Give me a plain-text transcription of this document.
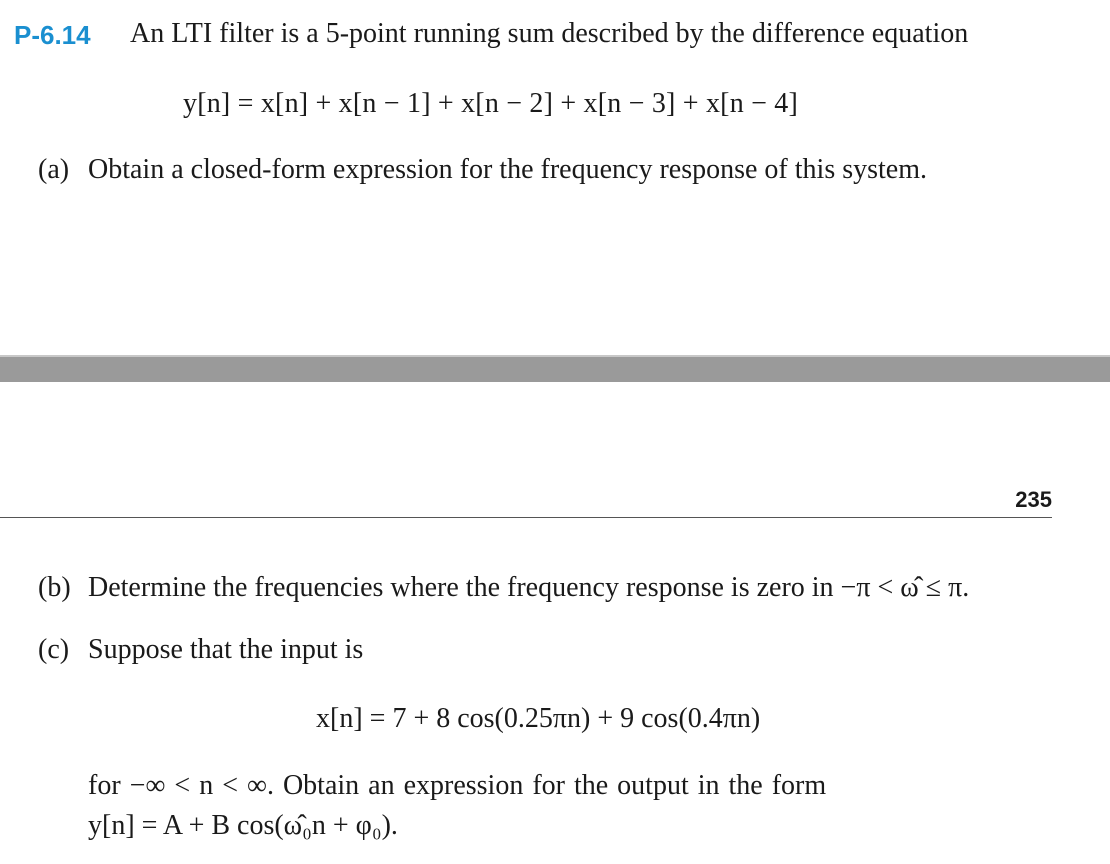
P-6.14 An LTI filter is a 5-point running sum described by the difference equation
y[n] = x[n] + x[n − 1] + x[n − 2] + x[n − 3] + x[n − 4]
(a) Obtain a closed-form expression for the frequency response of this system.
235
(b) Determine the frequencies where the frequency response is zero in −π < ω̂ ≤ π.
(c) Suppose that the input is
x[n] = 7 + 8 cos(0.25πn) + 9 cos(0.4πn)
for −∞ < n < ∞. Obtain an expression for the output in the form
y[n] = A + B cos(ω̂₀n + φ₀).
